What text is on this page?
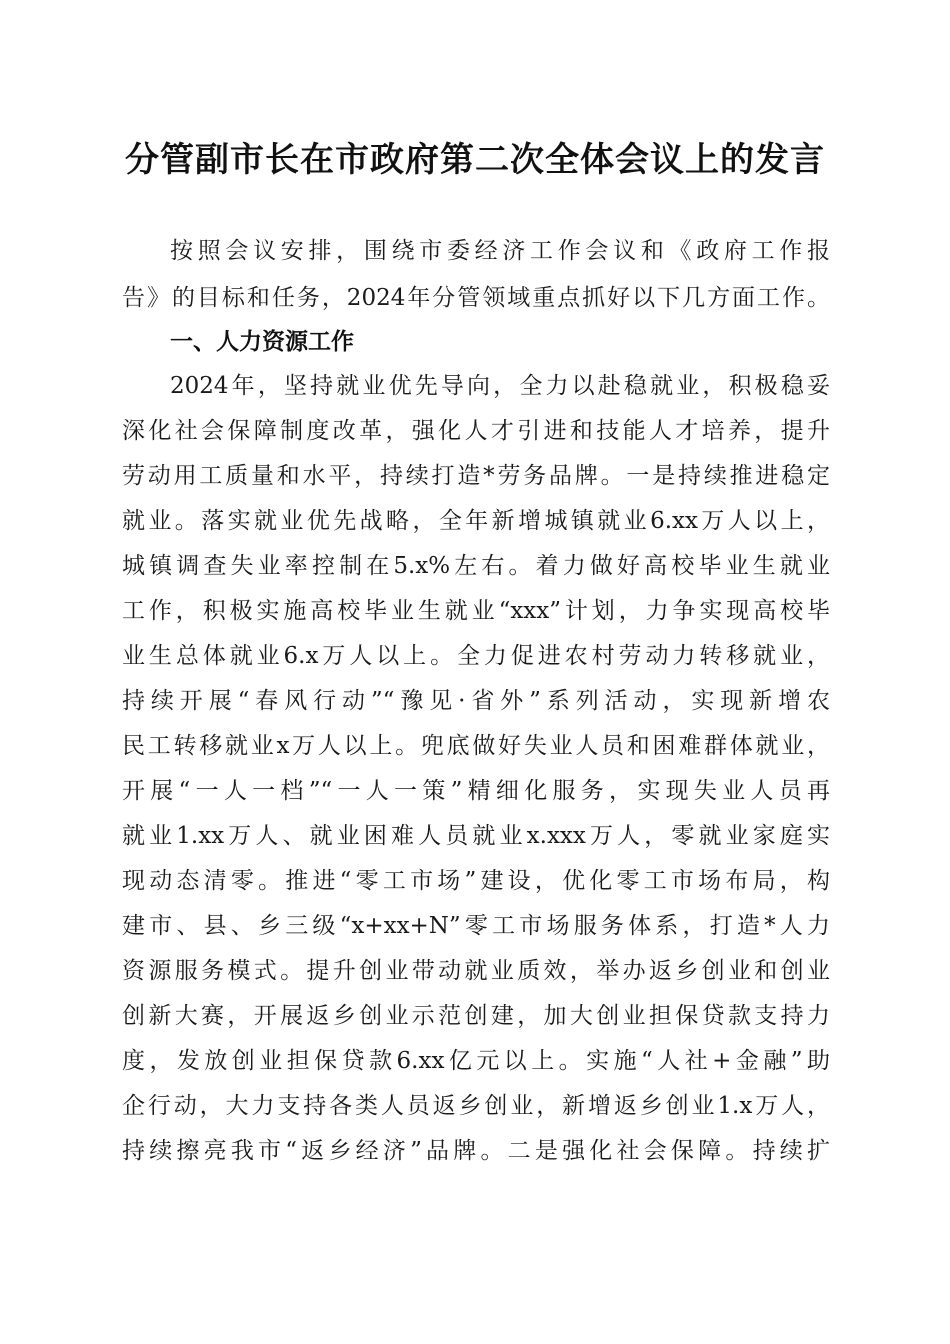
分管副市长在市政府第二次全体会议上的发言
按照会议安排，围绕市委经济工作会议和《政府工作报
告》的目标和任务，2024年分管领域重点抓好以下几方面工作。
一、人力资源工作
2024年，坚持就业优先导向，全力以赴稳就业，积极稳妥
深化社会保障制度改革，强化人才引进和技能人才培养，提升
劳动用工质量和水平，持续打造*劳务品牌。一是持续推进稳定
就业。落实就业优先战略，全年新增城镇就业6.xx万人以上，
城镇调查失业率控制在5.x%左右。着力做好高校毕业生就业
工作，积极实施高校毕业生就业“xxx”计划，力争实现高校毕
业生总体就业6.x万人以上。全力促进农村劳动力转移就业，
持续开展“春风行动”“豫见·省外”系列活动，实现新增农
民工转移就业x万人以上。兜底做好失业人员和困难群体就业，
开展“一人一档”“一人一策”精细化服务，实现失业人员再
就业1.xx万人、就业困难人员就业x.xxx万人，零就业家庭实
现动态清零。推进“零工市场”建设，优化零工市场布局，构
建市、县、乡三级“x+xx+N”零工市场服务体系，打造*人力
资源服务模式。提升创业带动就业质效，举办返乡创业和创业
创新大赛，开展返乡创业示范创建，加大创业担保贷款支持力
度，发放创业担保贷款6.xx亿元以上。实施“人社+金融”助
企行动，大力支持各类人员返乡创业，新增返乡创业1.x万人，
持续擦亮我市“返乡经济”品牌。二是强化社会保障。持续扩
